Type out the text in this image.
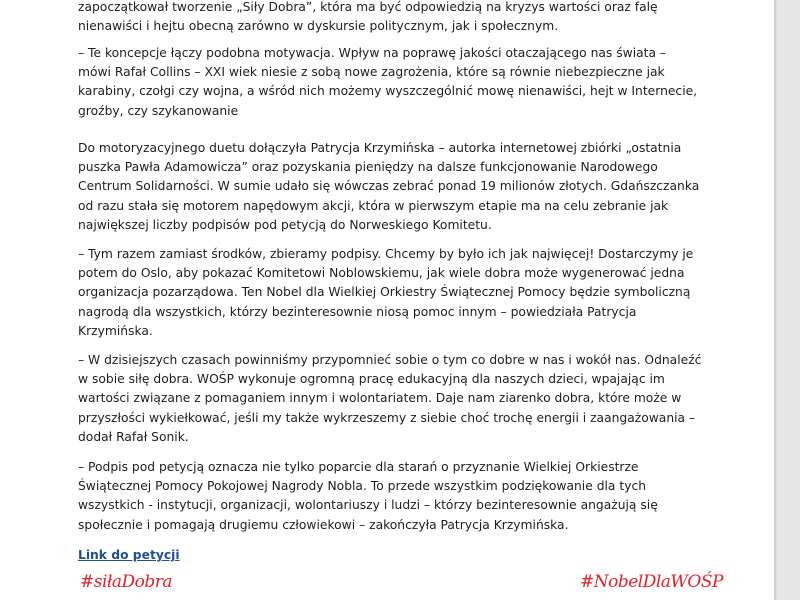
zapoczątkował tworzenie „Siły Dobra”, która ma być odpowiedzią na kryzys wartości oraz falę
nienawiści i hejtu obecną zarówno w dyskursie politycznym, jak i społecznym.
– Te koncepcje łączy podobna motywacja. Wpływ na poprawę jakości otaczającego nas świata –
mówi Rafał Collins – XXI wiek niesie z sobą nowe zagrożenia, które są równie niebezpieczne jak
karabiny, czołgi czy wojna, a wśród nich możemy wyszczególnić mowę nienawiści, hejt w Internecie,
groźby, czy szykanowanie
Do motoryzacyjnego duetu dołączyła Patrycja Krzymińska – autorka internetowej zbiórki „ostatnia
puszka Pawła Adamowicza” oraz pozyskania pieniędzy na dalsze funkcjonowanie Narodowego
Centrum Solidarności. W sumie udało się wówczas zebrać ponad 19 milionów złotych. Gdańszczanka
od razu stała się motorem napędowym akcji, która w pierwszym etapie ma na celu zebranie jak
największej liczby podpisów pod petycją do Norweskiego Komitetu.
– Tym razem zamiast środków, zbieramy podpisy. Chcemy by było ich jak najwięcej! Dostarczymy je
potem do Oslo, aby pokazać Komitetowi Noblowskiemu, jak wiele dobra może wygenerować jedna
organizacja pozarządowa. Ten Nobel dla Wielkiej Orkiestry Świątecznej Pomocy będzie symboliczną
nagrodą dla wszystkich, którzy bezinteresownie niosą pomoc innym – powiedziała Patrycja
Krzymińska.
– W dzisiejszych czasach powinniśmy przypomnieć sobie o tym co dobre w nas i wokół nas. Odnaleźć
w sobie siłę dobra. WOŚP wykonuje ogromną pracę edukacyjną dla naszych dzieci, wpajając im
wartości związane z pomaganiem innym i wolontariatem. Daje nam ziarenko dobra, które może w
przyszłości wykiełkować, jeśli my także wykrzeszemy z siebie choć trochę energii i zaangażowania –
dodał Rafał Sonik.
– Podpis pod petycją oznacza nie tylko poparcie dla starań o przyznanie Wielkiej Orkiestrze
Świątecznej Pomocy Pokojowej Nagrody Nobla. To przede wszystkim podziękowanie dla tych
wszystkich - instytucji, organizacji, wolontariuszy i ludzi – którzy bezinteresownie angażują się
społecznie i pomagają drugiemu człowiekowi – zakończyła Patrycja Krzymińska.
Link do petycji
#siłaDobra	#NobelDlaWOŚP
